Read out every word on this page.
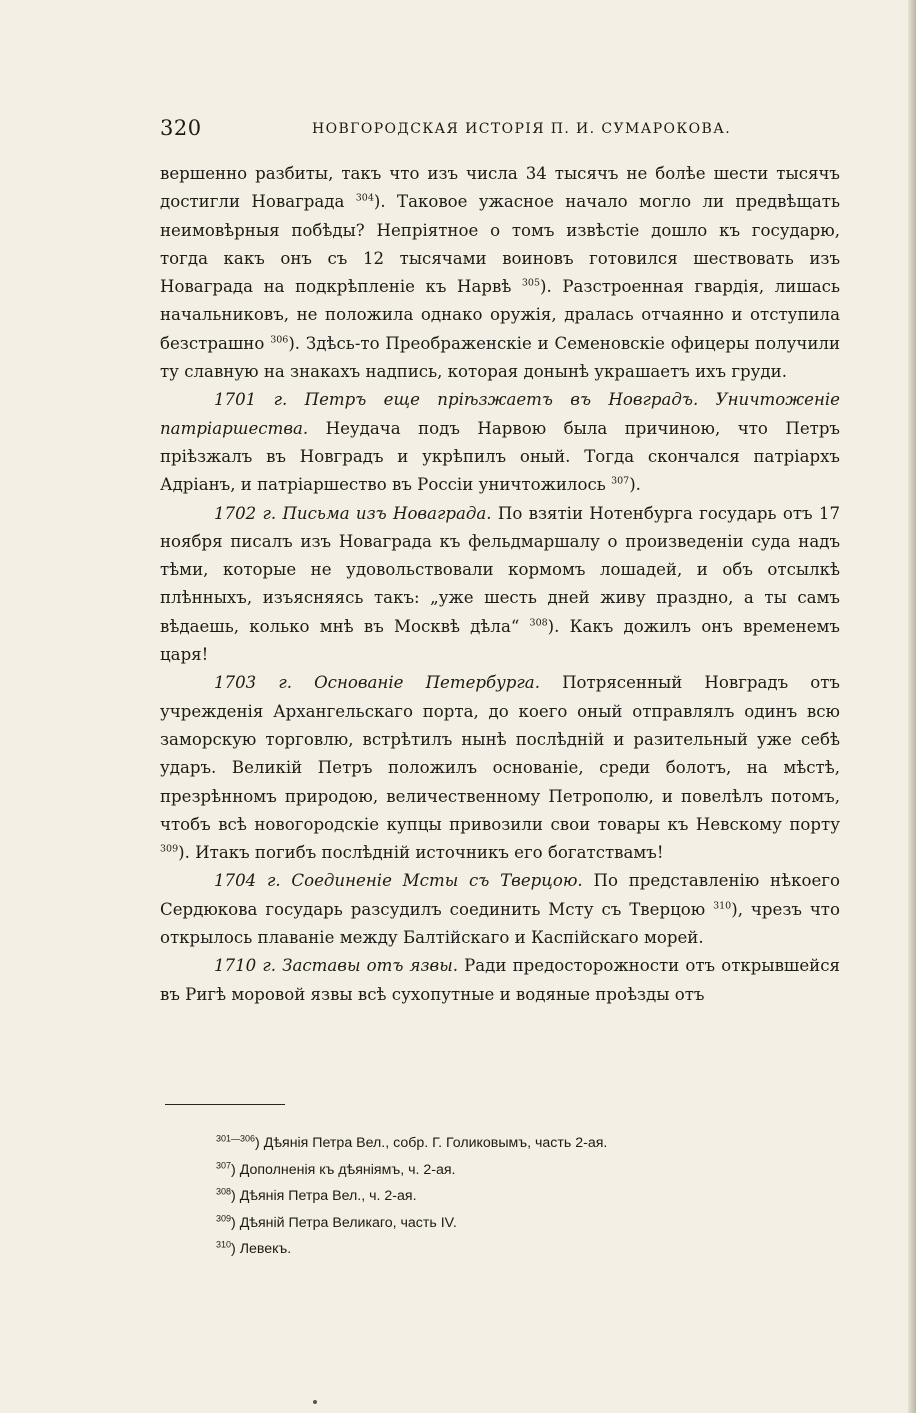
320	НОВГОРОДСКАЯ ИСТОРІЯ П. И. СУМАРОКОВА.

вершенно разбиты, такъ что изъ числа 34 тысячъ не болѣе шести тысячъ достигли Новаграда $^{304}$). Таковое ужасное начало могло ли предвѣщать неимовѣрныя побѣды? Непріятное о томъ извѣстіе дошло къ государю, тогда какъ онъ съ 12 тысячами воиновъ готовился шествовать изъ Новаграда на подкрѣпленіе къ Нарвѣ $^{305}$). Разстроенная гвардія, лишась начальниковъ, не положила однако оружія, дралась отчаянно и отступила безстрашно $^{306}$). Здѣсь-то Преображенскіе и Семеновскіе офицеры получили ту славную на знакахъ надпись, которая донынѣ украшаетъ ихъ груди.

1701 г. Петръ еще пріѣзжаетъ въ Новградъ. Уничтоженіе патріаршества. Неудача подъ Нарвою была причиною, что Петръ пріѣзжалъ въ Новградъ и укрѣпилъ оный. Тогда скончался патріархъ Адріанъ, и патріаршество въ Россіи уничтожилось $^{307}$).

1702 г. Письма изъ Новаграда. По взятіи Нотенбурга государь отъ 17 ноября писалъ изъ Новаграда къ фельдмаршалу о произведеніи суда надъ тѣми, которые не удовольствовали кормомъ лошадей, и объ отсылкѣ плѣнныхъ, изъясняясь такъ: „уже шесть дней живу праздно, а ты самъ вѣдаешь, колько мнѣ въ Москвѣ дѣла“ $^{308}$). Какъ дожилъ онъ временемъ царя!

1703 г. Основаніе Петербурга. Потрясенный Новградъ отъ учрежденія Архангельскаго порта, до коего оный отправлялъ одинъ всю заморскую торговлю, встрѣтилъ нынѣ послѣдній и разительный уже себѣ ударъ. Великій Петръ положилъ основаніе, среди болотъ, на мѣстѣ, презрѣнномъ природою, величественному Петрополю, и повелѣлъ потомъ, чтобъ всѣ новогородскіе купцы привозили свои товары къ Невскому порту $^{309}$). Итакъ погибъ послѣдній источникъ его богатствамъ!

1704 г. Соединеніе Мсты съ Тверцою. По представленію нѣкоего Сердюкова государь разсудилъ соединить Мсту съ Тверцою $^{310}$), чрезъ что открылось плаваніе между Балтійскаго и Каспійскаго морей.

1710 г. Заставы отъ язвы. Ради предосторожности отъ открывшейся въ Ригѣ моровой язвы всѣ сухопутные и водяные проѣзды отъ

$^{301—306}$) Дѣянія Петра Вел., собр. Г. Голиковымъ, часть 2-ая.

$^{307}$) Дополненія къ дѣяніямъ, ч. 2-ая.

$^{308}$) Дѣянія Петра Вел., ч. 2-ая.

$^{309}$) Дѣяній Петра Великаго, часть IV.

$^{310}$) Левекъ.
